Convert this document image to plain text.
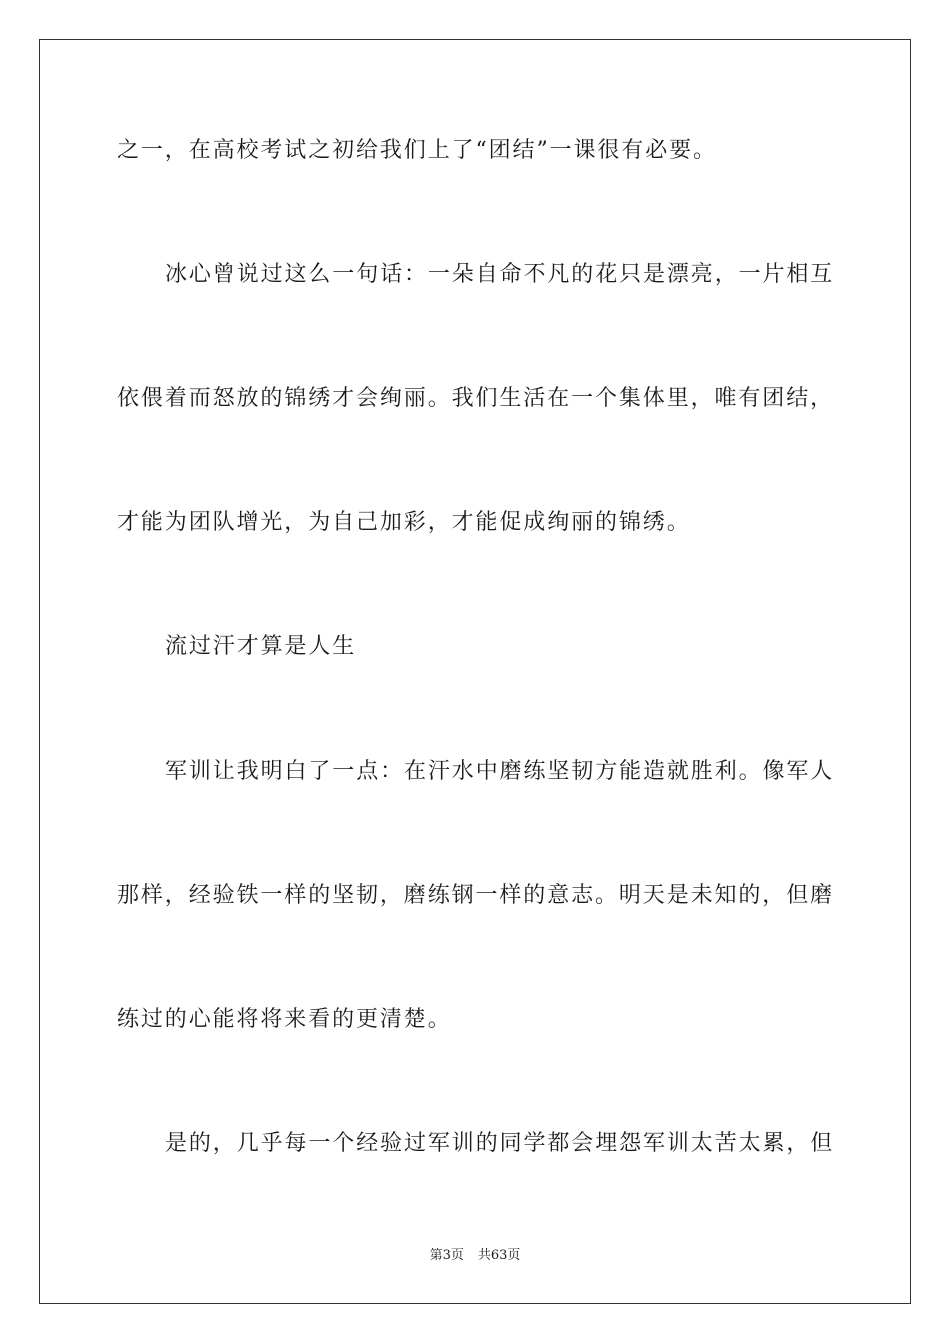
之一，在高校考试之初给我们上了“团结”一课很有必要。
冰心曾说过这么一句话：一朵自命不凡的花只是漂亮，一片相互
依偎着而怒放的锦绣才会绚丽。我们生活在一个集体里，唯有团结，
才能为团队增光，为自己加彩，才能促成绚丽的锦绣。
流过汗才算是人生
军训让我明白了一点：在汗水中磨练坚韧方能造就胜利。像军人
那样，经验铁一样的坚韧，磨练钢一样的意志。明天是未知的，但磨
练过的心能将将来看的更清楚。
是的，几乎每一个经验过军训的同学都会埋怨军训太苦太累，但
第3页 共63页
